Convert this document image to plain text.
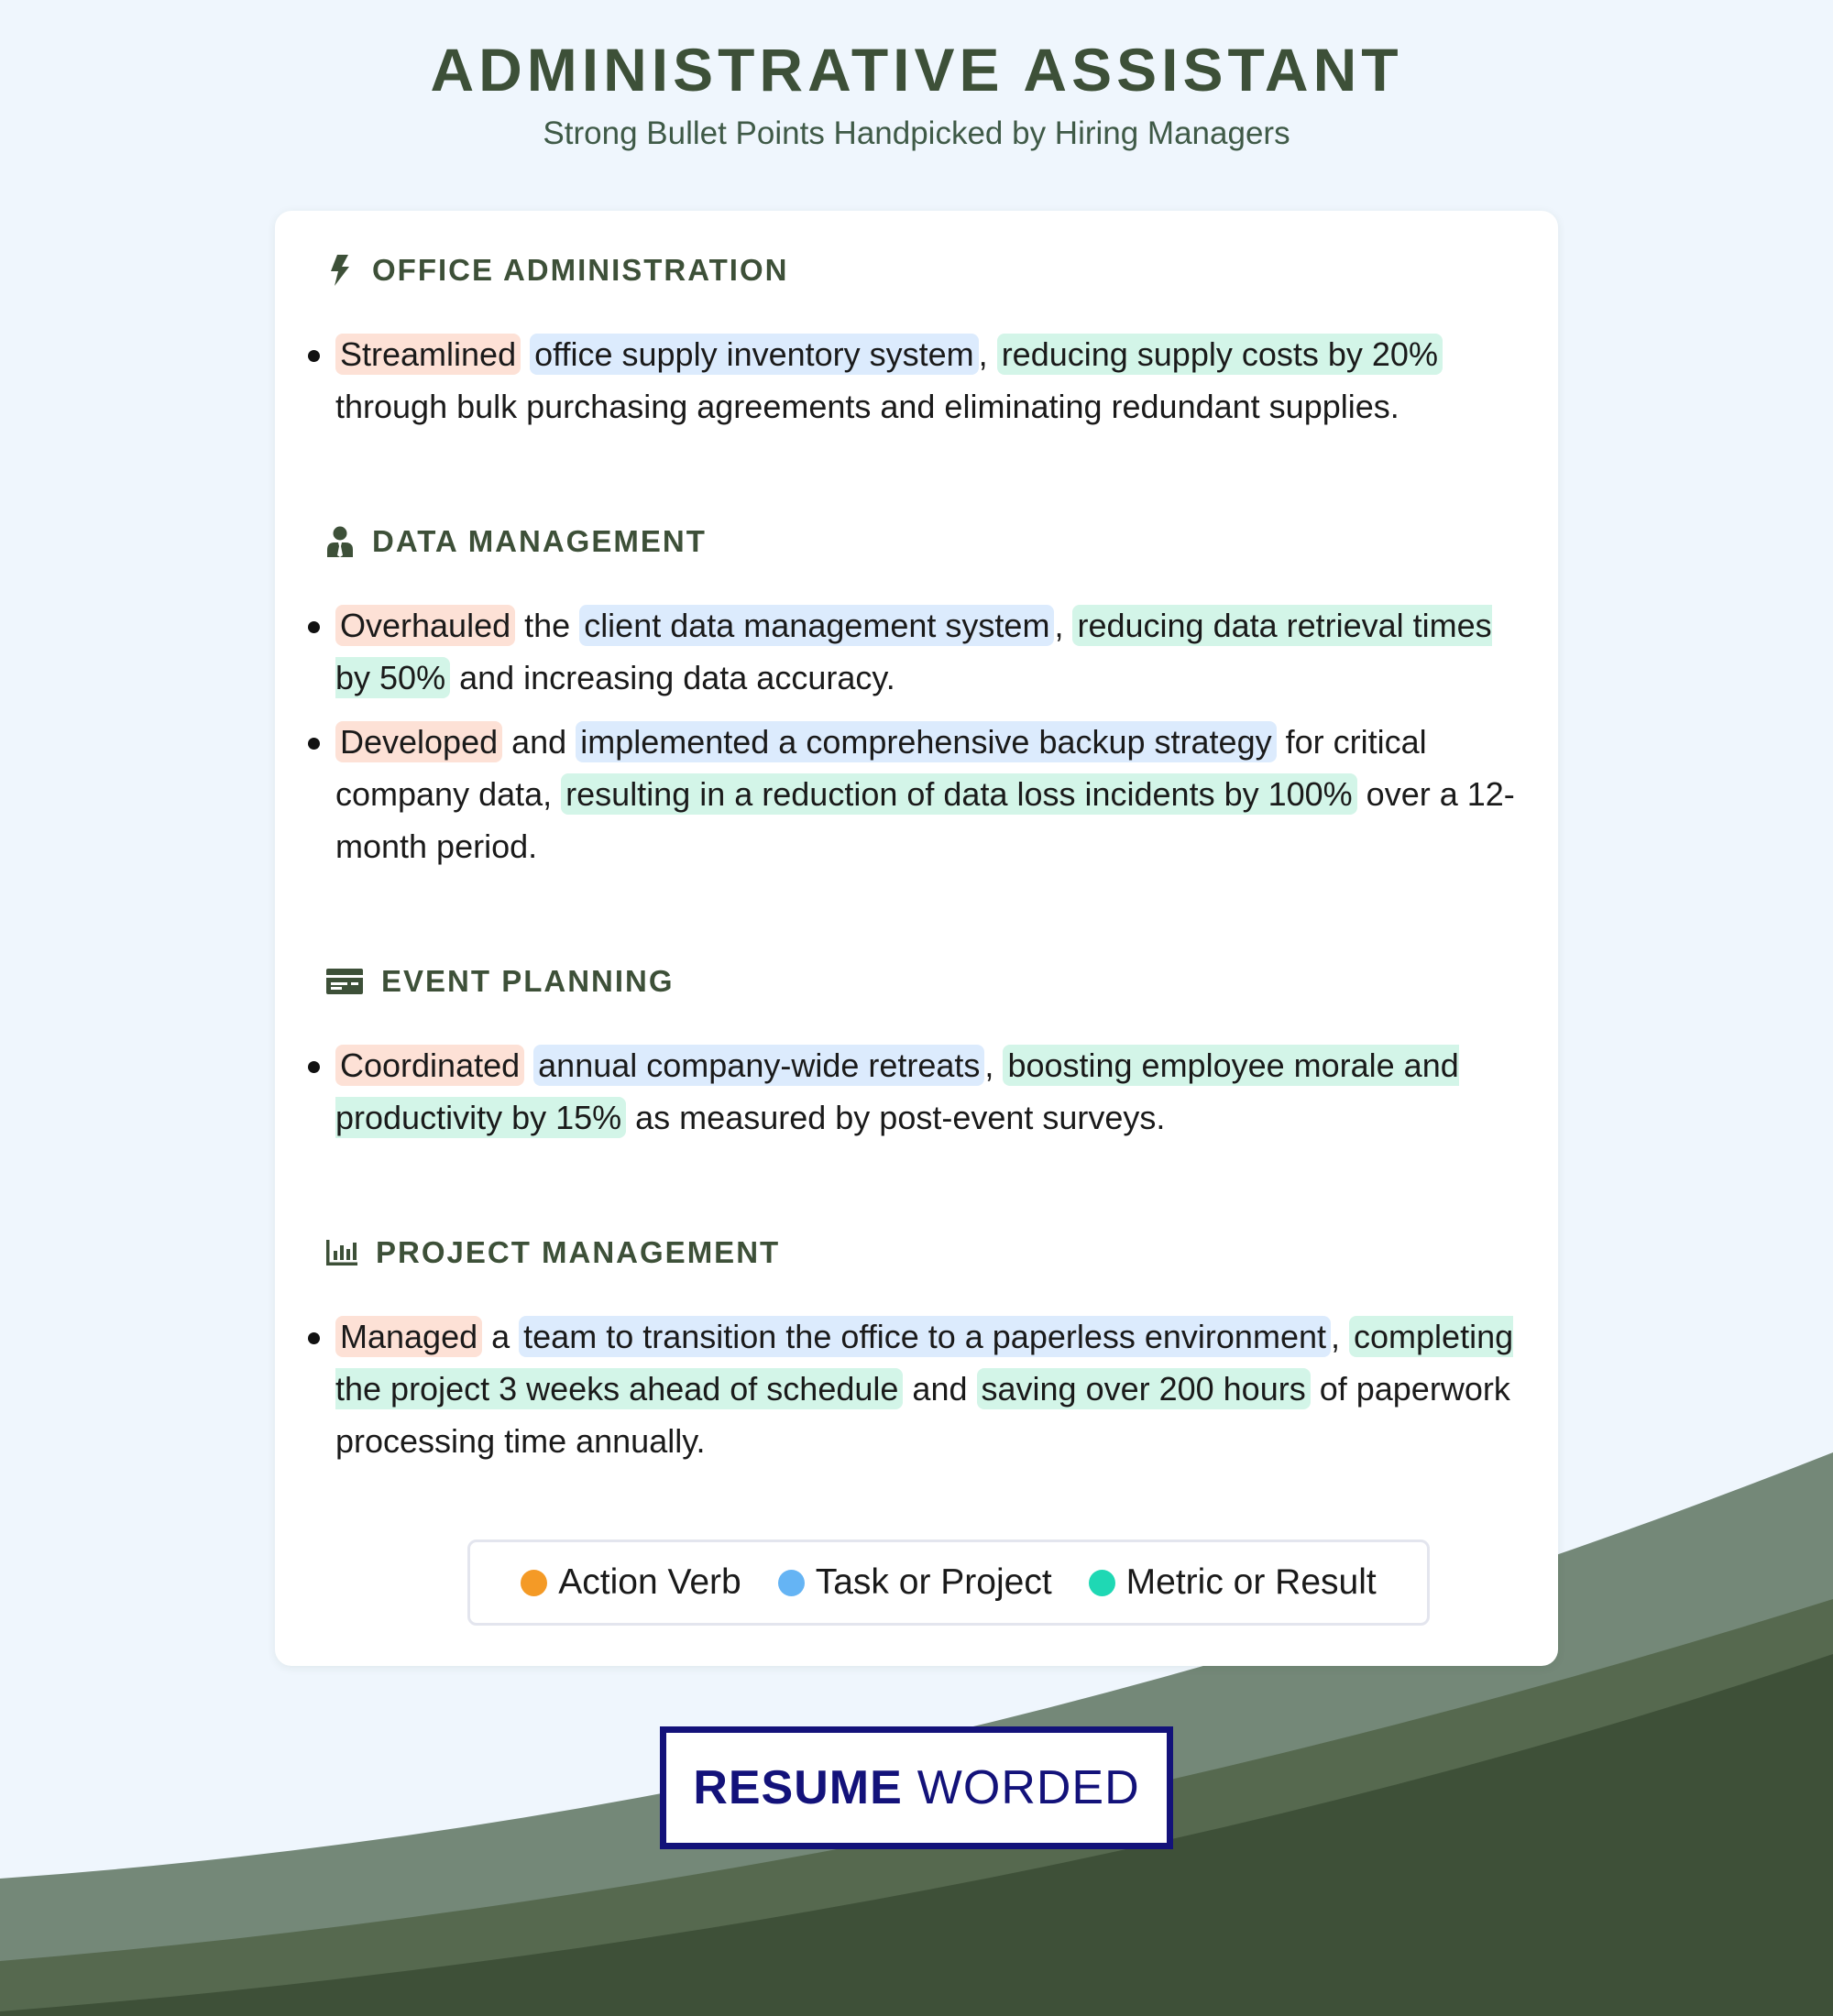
ADMINISTRATIVE ASSISTANT
Strong Bullet Points Handpicked by Hiring Managers
OFFICE ADMINISTRATION
Streamlined office supply inventory system , reducing supply costs by 20% through bulk purchasing agreements and eliminating redundant supplies.
DATA MANAGEMENT
Overhauled the client data management system , reducing data retrieval times by 50% and increasing data accuracy.
Developed and implemented a comprehensive backup strategy for critical company data, resulting in a reduction of data loss incidents by 100% over a 12-month period.
EVENT PLANNING
Coordinated annual company-wide retreats , boosting employee morale and productivity by 15% as measured by post-event surveys.
PROJECT MANAGEMENT
Managed a team to transition the office to a paperless environment , completing the project 3 weeks ahead of schedule and saving over 200 hours of paperwork processing time annually.
Action Verb Task or Project Metric or Result
RESUME WORDED
